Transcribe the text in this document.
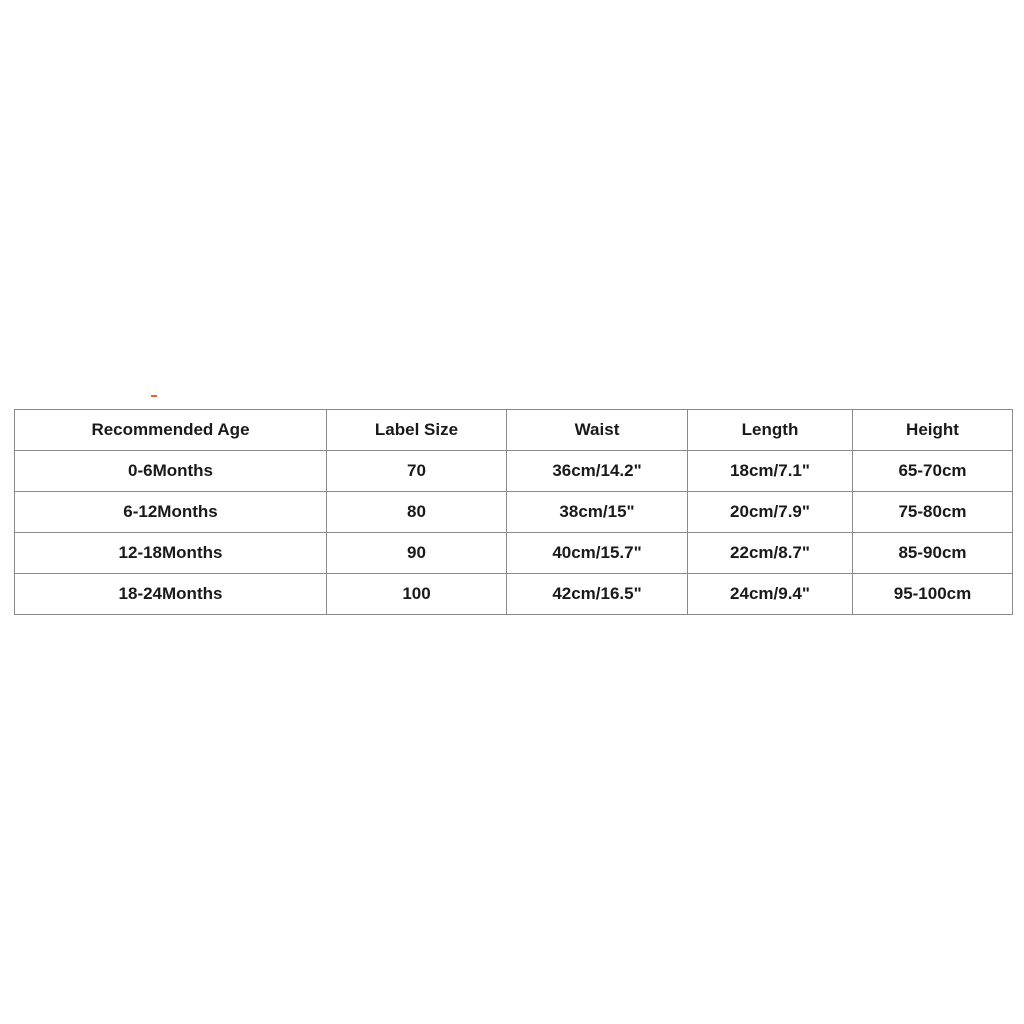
Recommended Age	Label Size	Waist	Length	Height
0-6Months	70	36cm/14.2"	18cm/7.1"	65-70cm
6-12Months	80	38cm/15"	20cm/7.9"	75-80cm
12-18Months	90	40cm/15.7"	22cm/8.7"	85-90cm
18-24Months	100	42cm/16.5"	24cm/9.4"	95-100cm
